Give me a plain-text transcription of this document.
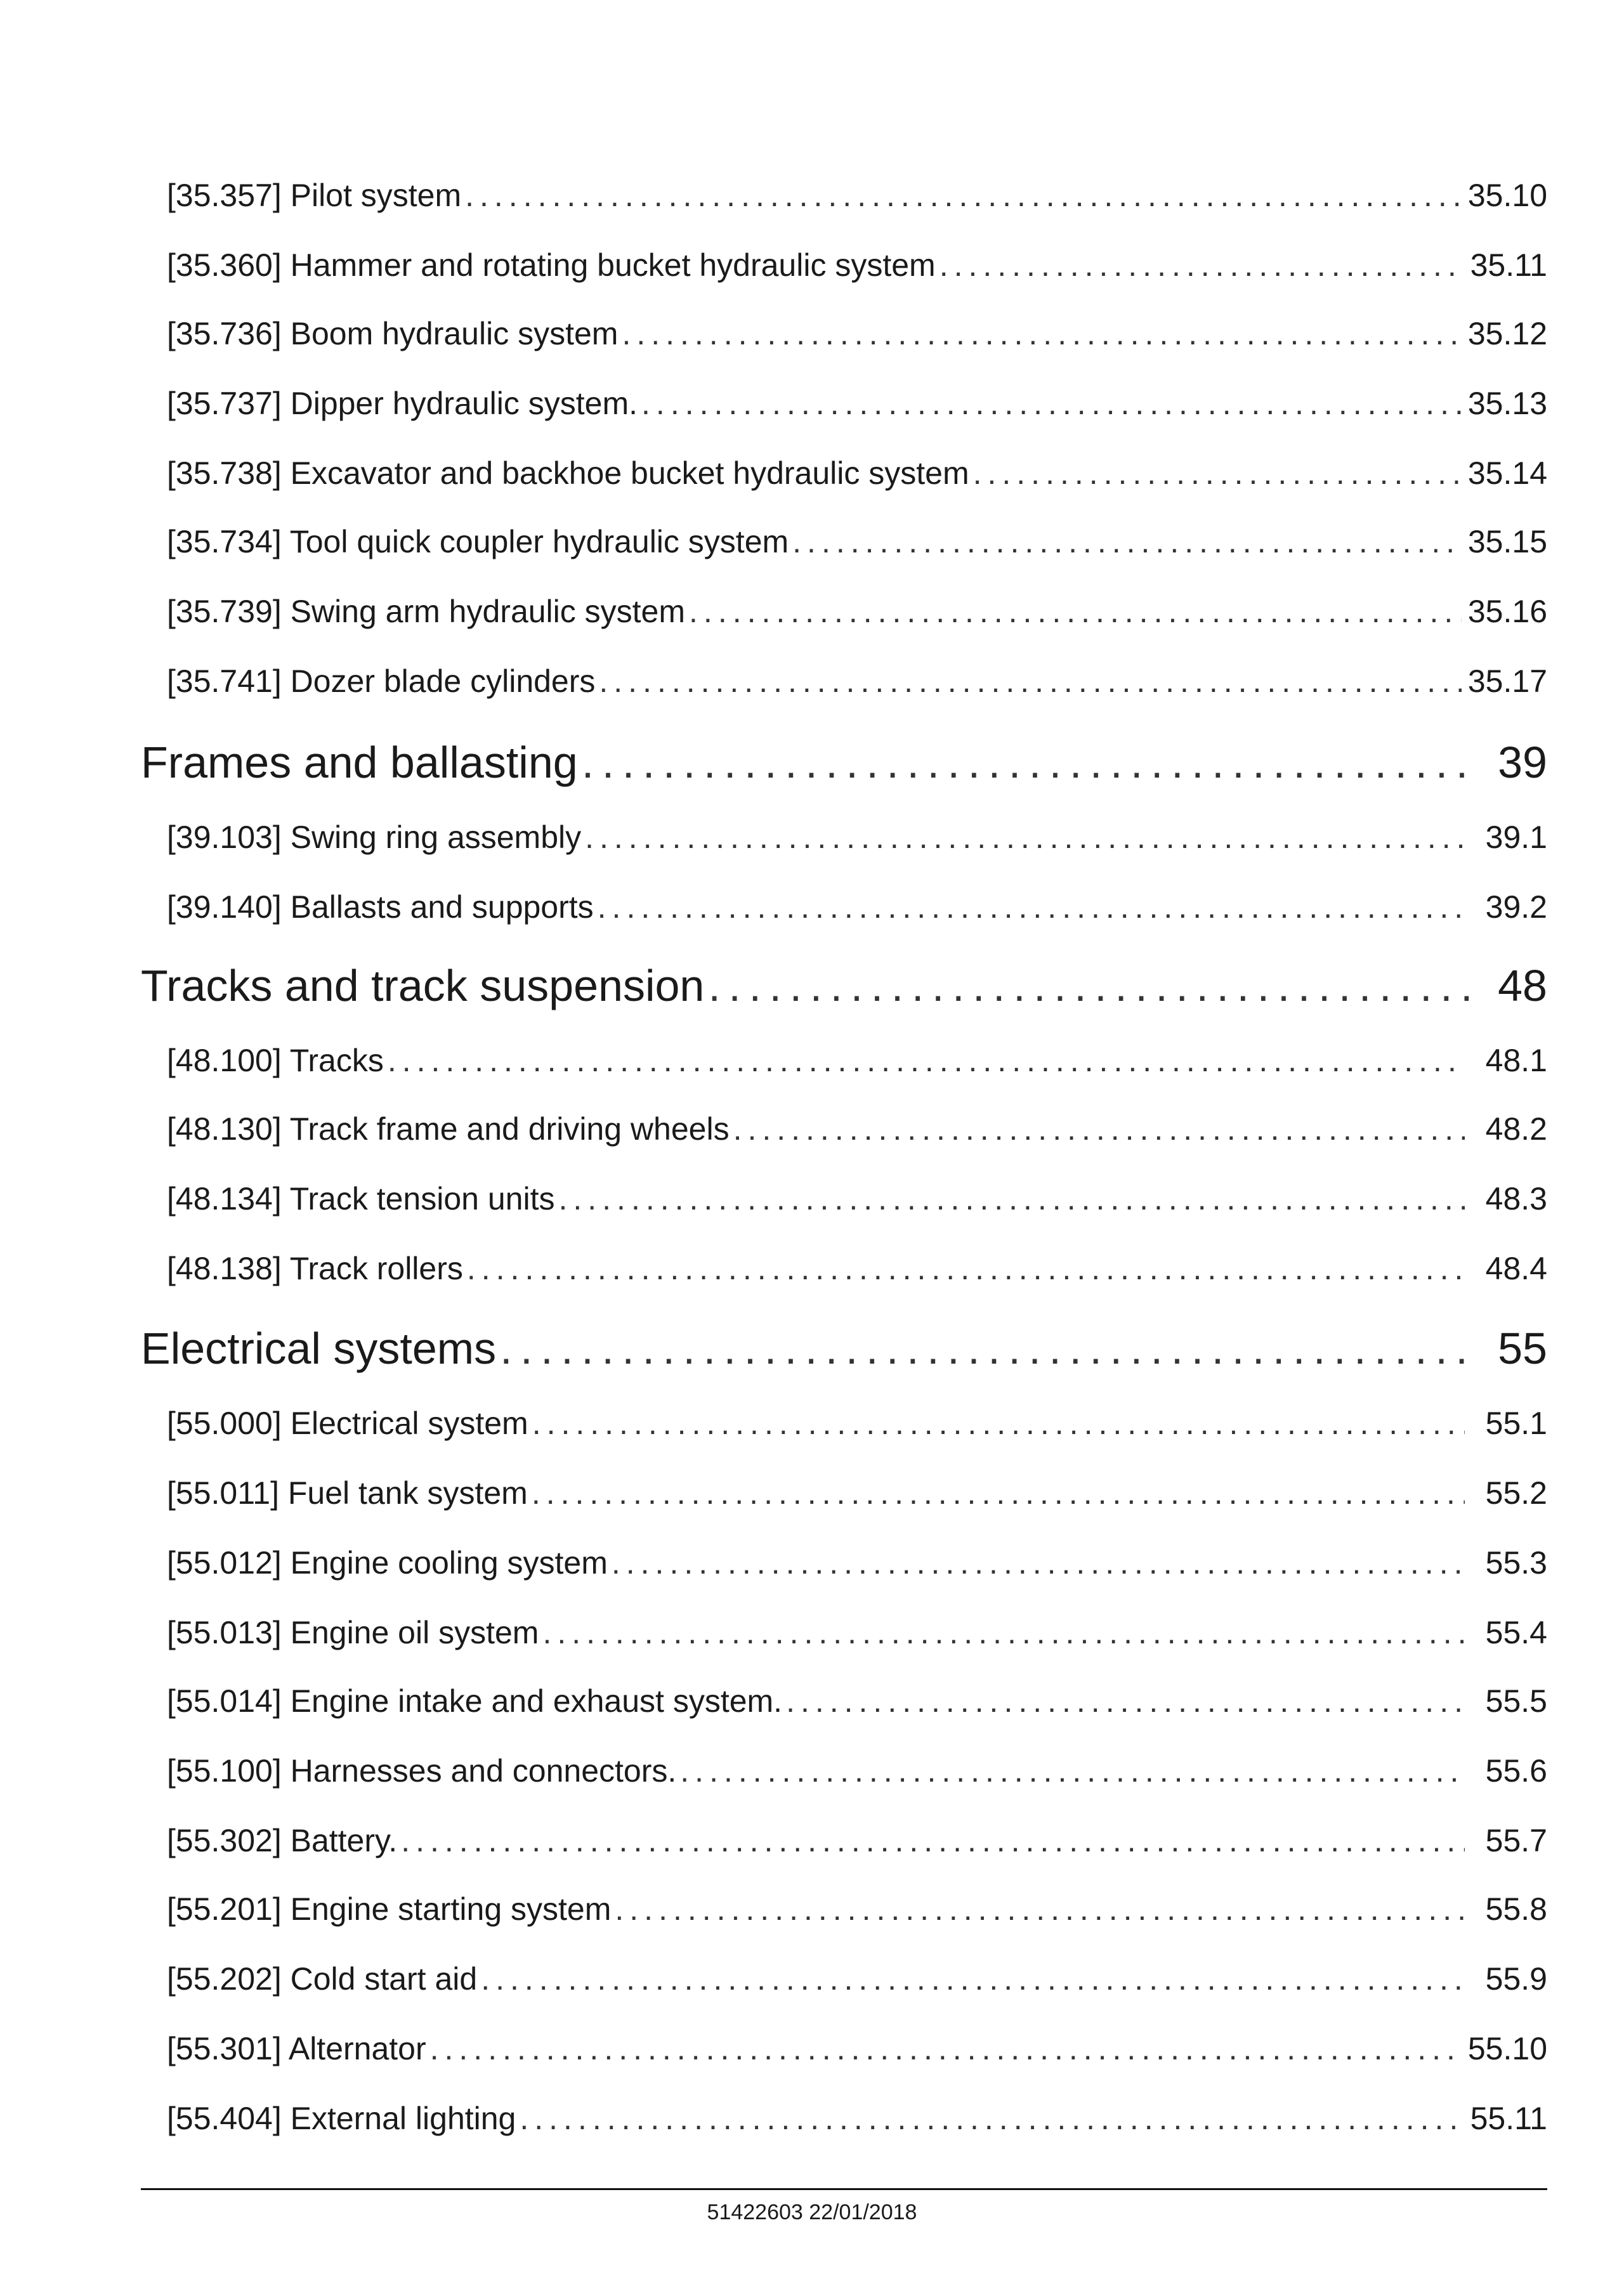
[35.357] Pilot system .....	35.10
[35.360] Hammer and rotating bucket hydraulic system .....	35.11
[35.736] Boom hydraulic system .....	35.12
[35.737] Dipper hydraulic system. .....	35.13
[35.738] Excavator and backhoe bucket hydraulic system .....	35.14
[35.734] Tool quick coupler hydraulic system .....	35.15
[35.739] Swing arm hydraulic system .....	35.16
[35.741] Dozer blade cylinders .....	35.17
Frames and ballasting .....	39
[39.103] Swing ring assembly .....	39.1
[39.140] Ballasts and supports .....	39.2
Tracks and track suspension .....	48
[48.100] Tracks .....	48.1
[48.130] Track frame and driving wheels .....	48.2
[48.134] Track tension units .....	48.3
[48.138] Track rollers .....	48.4
Electrical systems .....	55
[55.000] Electrical system .....	55.1
[55.011] Fuel tank system .....	55.2
[55.012] Engine cooling system .....	55.3
[55.013] Engine oil system .....	55.4
[55.014] Engine intake and exhaust system. .....	55.5
[55.100] Harnesses and connectors. .....	55.6
[55.302] Battery. .....	55.7
[55.201] Engine starting system .....	55.8
[55.202] Cold start aid .....	55.9
[55.301] Alternator .....	55.10
[55.404] External lighting .....	55.11
51422603 22/01/2018
